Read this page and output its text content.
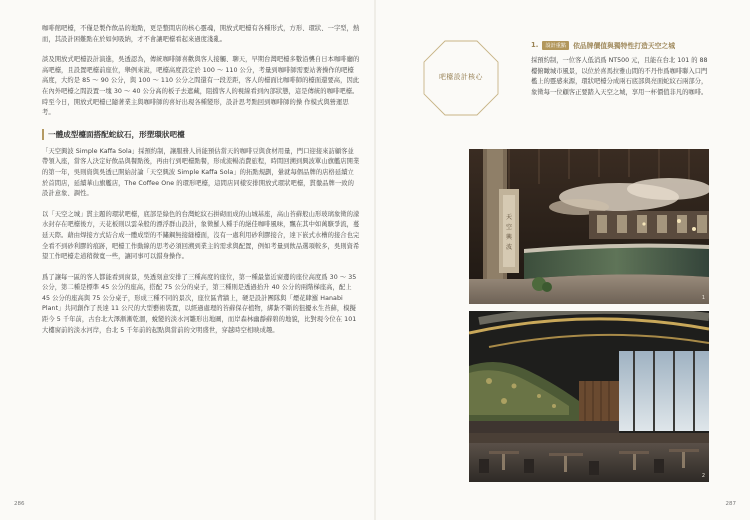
咖啡館吧檯，不僅是製作飲品的地點，更是整間店的核心靈魂，開放式吧檯有各種形式，方形、環狀、一字型，熱而，其設計困難點在於如何吸納，才不會讓吧檯看起來過度淺亂。

談及開放式吧檯設計演進，吳透認為，傳統咖啡師喜歡與客人接觸、聊天，早期台灣吧檯多數沿襲自日本咖啡廳的高吧檯，且設置吧檯前座位，舉例來說，吧檯高度設定於 100 ～ 110 公分，考量到咖啡師需要站著操作的吧檯高度，大約是 85 ～ 90 公分，與 100 ～ 110 公分之間還有一段差距，客人的檯面比咖啡師的檯面還要高，因此在內外吧檯之間設置一塊 30 ～ 40 公分高的板子去遮藏，阻擋客人的視線看到內部狀態，這是傳統的咖啡吧檯。時至今日，開放式吧檯已隨著業主與咖啡師的喜好出現各種變形，設計思考點回到咖啡師的操 作模式與營運思考。

一體成型檯面搭配蛇紋石，形塑環狀吧檯

「天空興波 Simple Kaffa Sola」採預約制，讓服務人員能預估當天的咖啡豆與食材用量，門口迎接來訪顧客並帶領入座，當客人決定好飲品與餐點後，再由行到吧檯點餐，形成流暢消費旅程，時間回溯到興波單山旗艦店開業的第一年，吳則資與吳透已開始討論「天空興波 Simple Kaffa Sola」的拓點規劃，暈就每個品牌的店格延續立於首間店，延續華山旗艦店，The Coffee One 的環形吧檯，這間店同樣安排開放式環狀吧檯，貫徹品牌一致的設計意象、調性。

以「天空之城」貫主題的環狀吧檯，底部是綠色的台灣蛇紋石拼砌而成的山城基座，高山苔蘚般山形玻璃象徵的濛水封存在吧檯後方，天花板則以雲朵般的漂浮群山設計，象徵羅人種手的絕佳咖啡風味，飄在其中如萬駭爭流，蔓延天際。藉由焊接方式結合成一體成型的不鏽鋼無接縫檯面，沒有一處利用砂利膠接合，達下嵌式水槽的接合也完全看不到砂利膠的痕跡，吧檯工作動線的思考必須回溯到業主的需求與配置，例如考量到飲品選項較多，吳則資希望工作吧檯走道稍微寬一些，讓同事可以錯身操作。

爲了讓每一區的客人都能看到窗景，吳透刻意安排了三種高度的座位，第一種最靠近窗邊的座位高度爲 30 ～ 35 公分，第二種是標準 45 公分的座高，搭配 75 公分的桌子，第三種則是透過抬升 40 公分的兩階梯座高，配上 45 公分的座高與 75 公分桌子，形成三種不同的景次，座位區背牆上，硬是設計團隊與「煙花肆羅 Hanabi Plant」共同創作了長達 11 公尺的大型藝術裝置，以經過處理的苔蘚保存植物，綁紮不斷的狙擾永生苔蘚，模擬距今 5 千年前，古台北大澤漸漸乾涸，蛻變的淡水河雛形出地圖，而岸森林幽靜蘚碧的地貌，比對現今位在 101 大樓窗前的淡水河岸，台北 5 千年前的起點與當前的文明盛世，穿越時空相映成趣。

286
吧檯設計核心
1.	設計重點	依品牌價值與獨特性打造天空之城

採預約制，一位客人低消爲 NT500 元，且能在台北 101 的 88 樓俯瞰城市風景，以位於喜馬拉雅山間的不丹作爲咖啡聯入口門檻上的靈感來源，環狀吧檯分成兩石底部與亮面蛇紋石兩部分，象徵每一位顧客正要踏入天空之城，享用一杯價值非凡的咖啡。

天
空
興
波
1
2
287
